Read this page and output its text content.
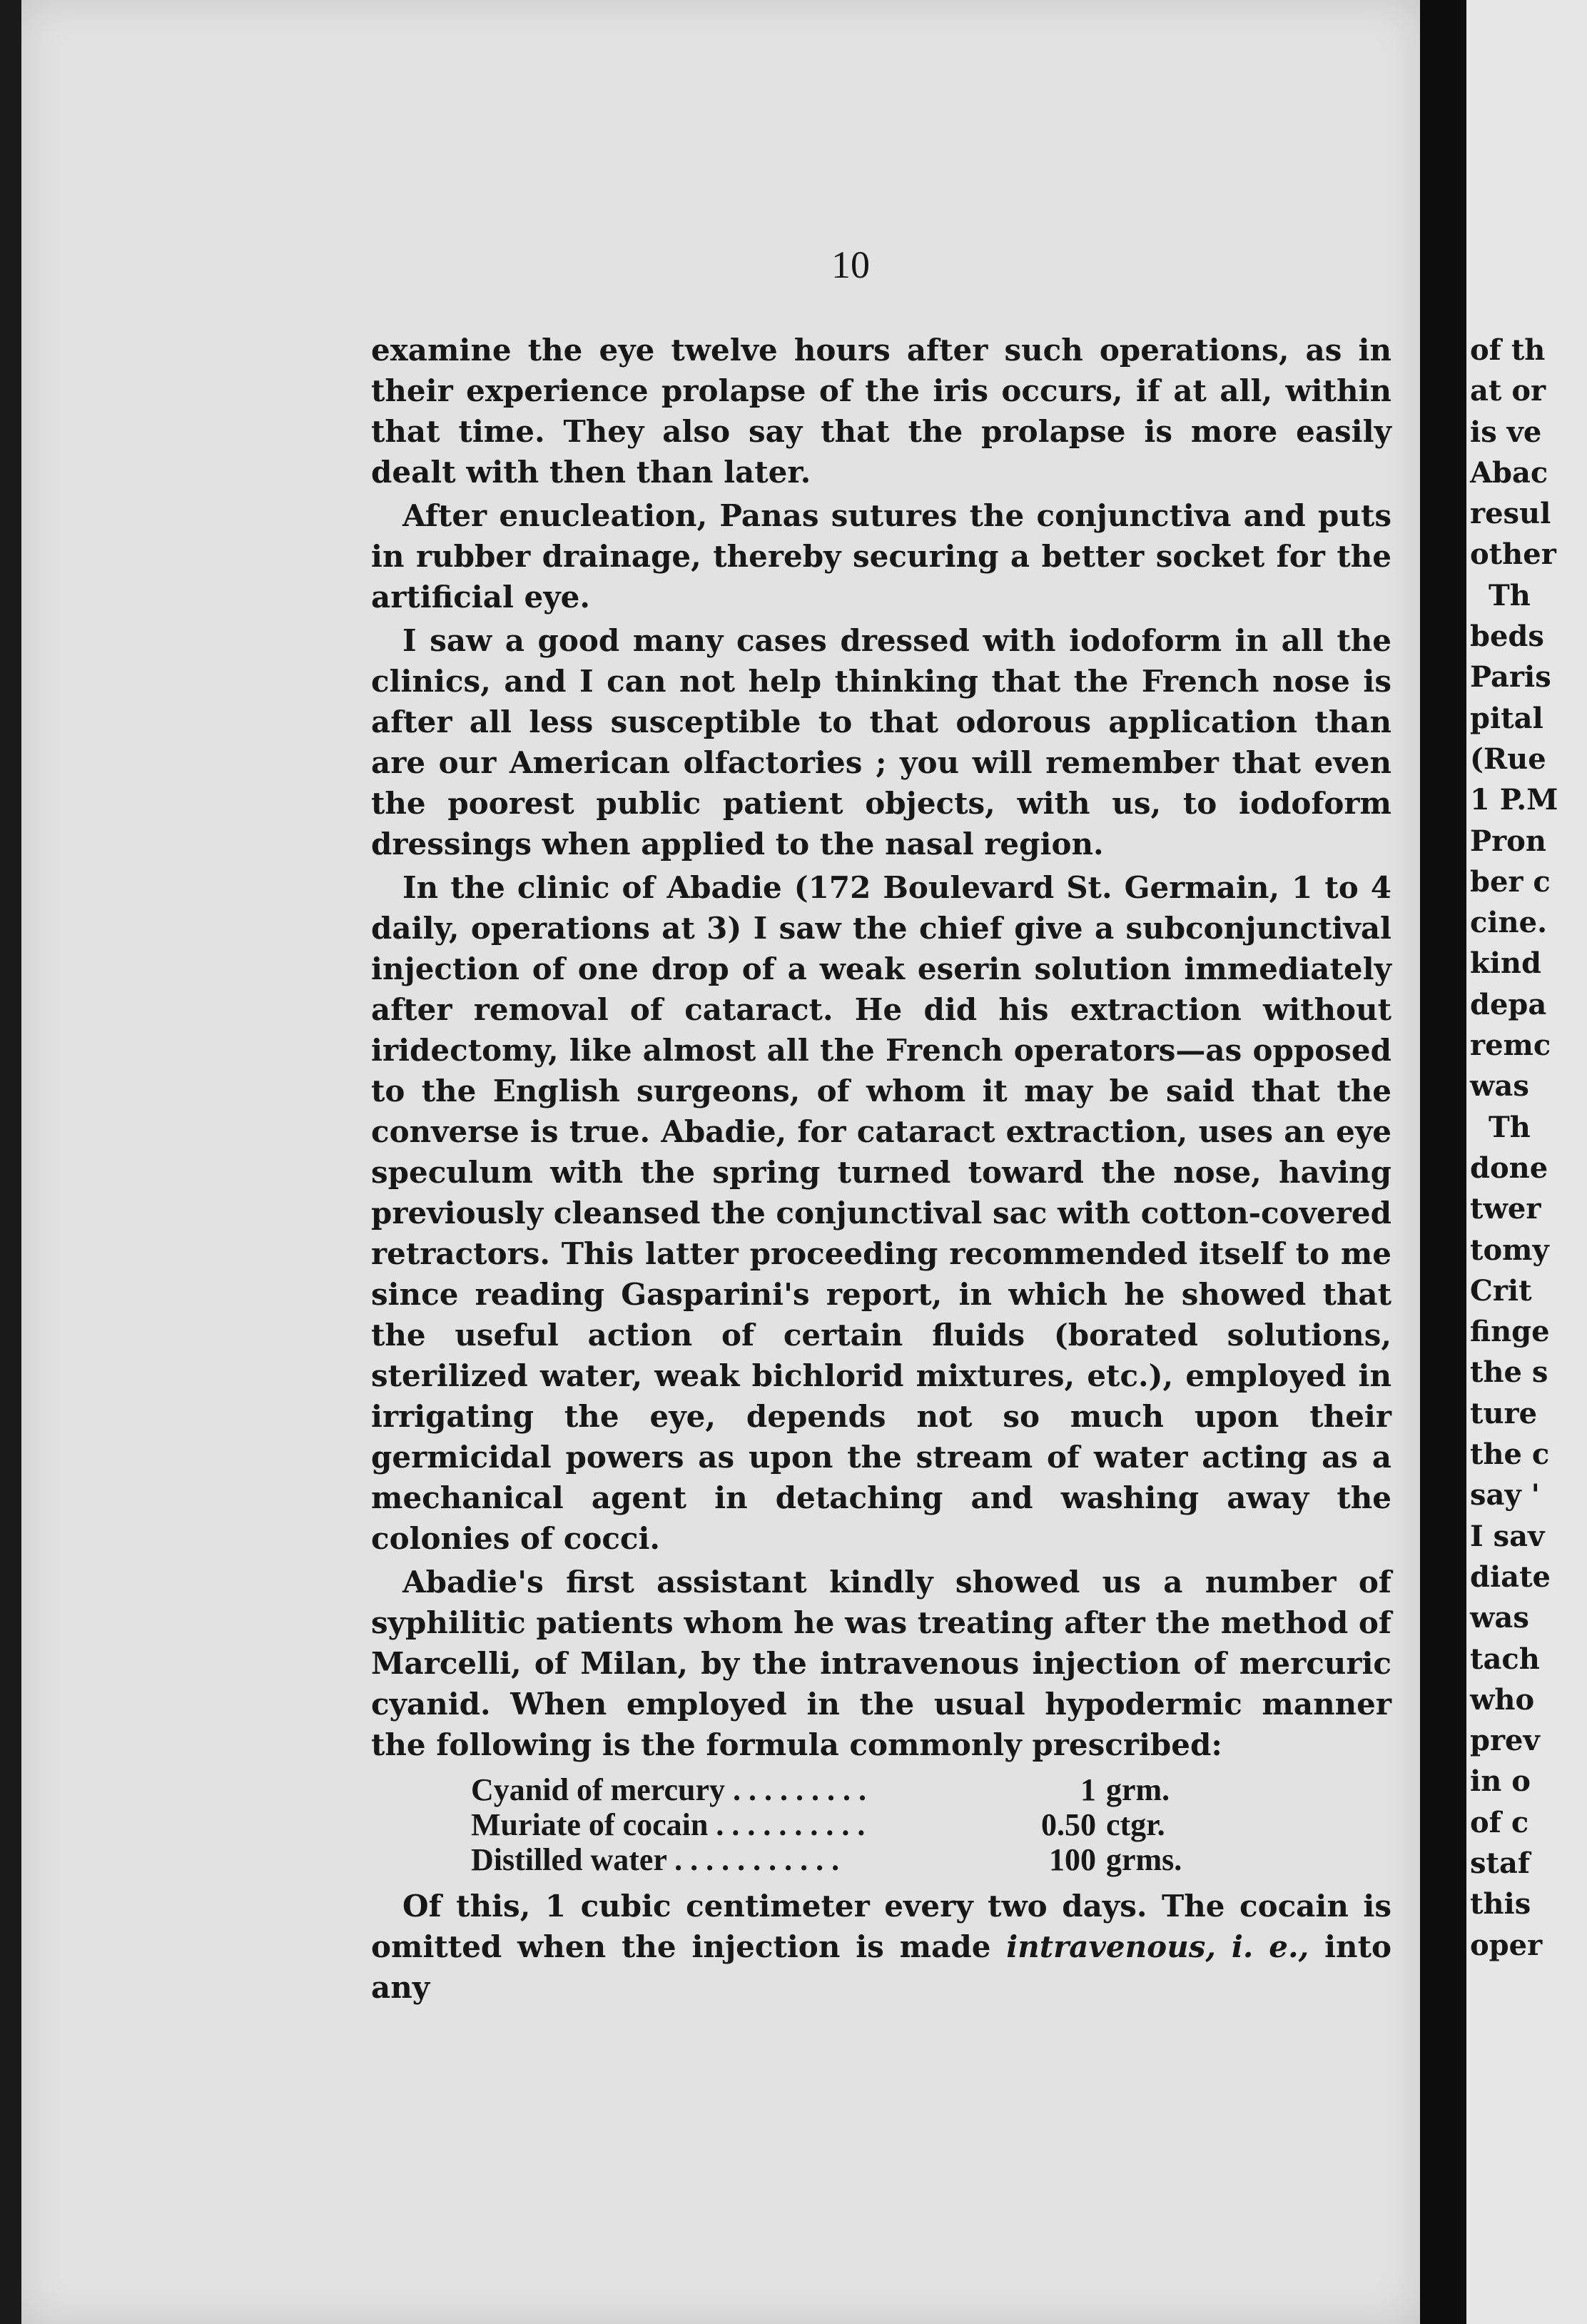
10

examine the eye twelve hours after such operations, as in their experience prolapse of the iris occurs, if at all, within that time. They also say that the prolapse is more easily dealt with then than later.

After enucleation, Panas sutures the conjunctiva and puts in rubber drainage, thereby securing a better socket for the artificial eye.

I saw a good many cases dressed with iodoform in all the clinics, and I can not help thinking that the French nose is after all less susceptible to that odorous application than are our American olfactories ; you will remember that even the poorest public patient objects, with us, to iodoform dressings when applied to the nasal region.

In the clinic of Abadie (172 Boulevard St. Germain, 1 to 4 daily, operations at 3) I saw the chief give a subconjunctival injection of one drop of a weak eserin solution immediately after removal of cataract. He did his extraction without iridectomy, like almost all the French operators—as opposed to the English surgeons, of whom it may be said that the converse is true. Abadie, for cataract extraction, uses an eye speculum with the spring turned toward the nose, having previously cleansed the conjunctival sac with cotton-covered retractors. This latter proceeding recommended itself to me since reading Gasparini's report, in which he showed that the useful action of certain fluids (borated solutions, sterilized water, weak bichlorid mixtures, etc.), employed in irrigating the eye, depends not so much upon their germicidal powers as upon the stream of water acting as a mechanical agent in detaching and washing away the colonies of cocci.

Abadie's first assistant kindly showed us a number of syphilitic patients whom he was treating after the method of Marcelli, of Milan, by the intravenous injection of mercuric cyanid. When employed in the usual hypodermic manner the following is the formula commonly prescribed:

Cyanid of mercury . . . . . . . . .	1 grm.
Muriate of cocain . . . . . . . . . .	0.50 ctgr.
Distilled water . . . . . . . . . . .	100 grms.

Of this, 1 cubic centimeter every two days. The cocain is omitted when the injection is made intravenous, i. e., into any

of th
at or
is ve
Abac
resul
other
Th
beds
Paris
pital
(Rue
1 P.M
Pron
ber c
cine.
kind
depa
remc
was
Th
done
twer
tomy
Crit
finge
the s
ture
the c
say '
I sav
diate
was
tach
who
prev
in o
of c
staf
this
oper
